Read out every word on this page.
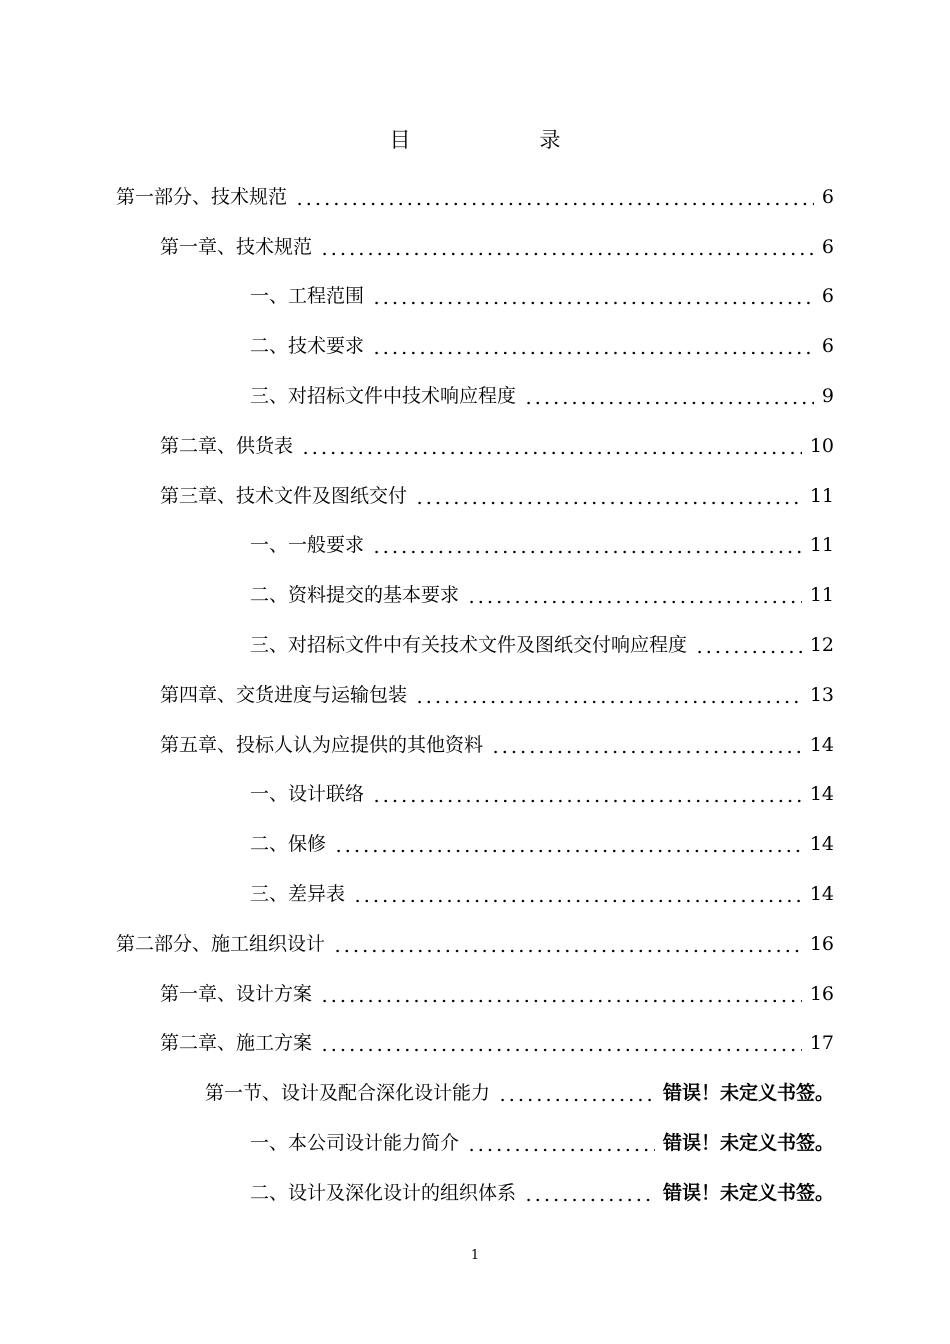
目　录
第一部分、技术规范	6
第一章、技术规范	6
一、工程范围	6
二、技术要求	6
三、对招标文件中技术响应程度	9
第二章、供货表	10
第三章、技术文件及图纸交付	11
一、一般要求	11
二、资料提交的基本要求	11
三、对招标文件中有关技术文件及图纸交付响应程度	12
第四章、交货进度与运输包装	13
第五章、投标人认为应提供的其他资料	14
一、设计联络	14
二、保修	14
三、差异表	14
第二部分、施工组织设计	16
第一章、设计方案	16
第二章、施工方案	17
第一节、设计及配合深化设计能力	错误！未定义书签。
一、本公司设计能力简介	错误！未定义书签。
二、设计及深化设计的组织体系	错误！未定义书签。
1
